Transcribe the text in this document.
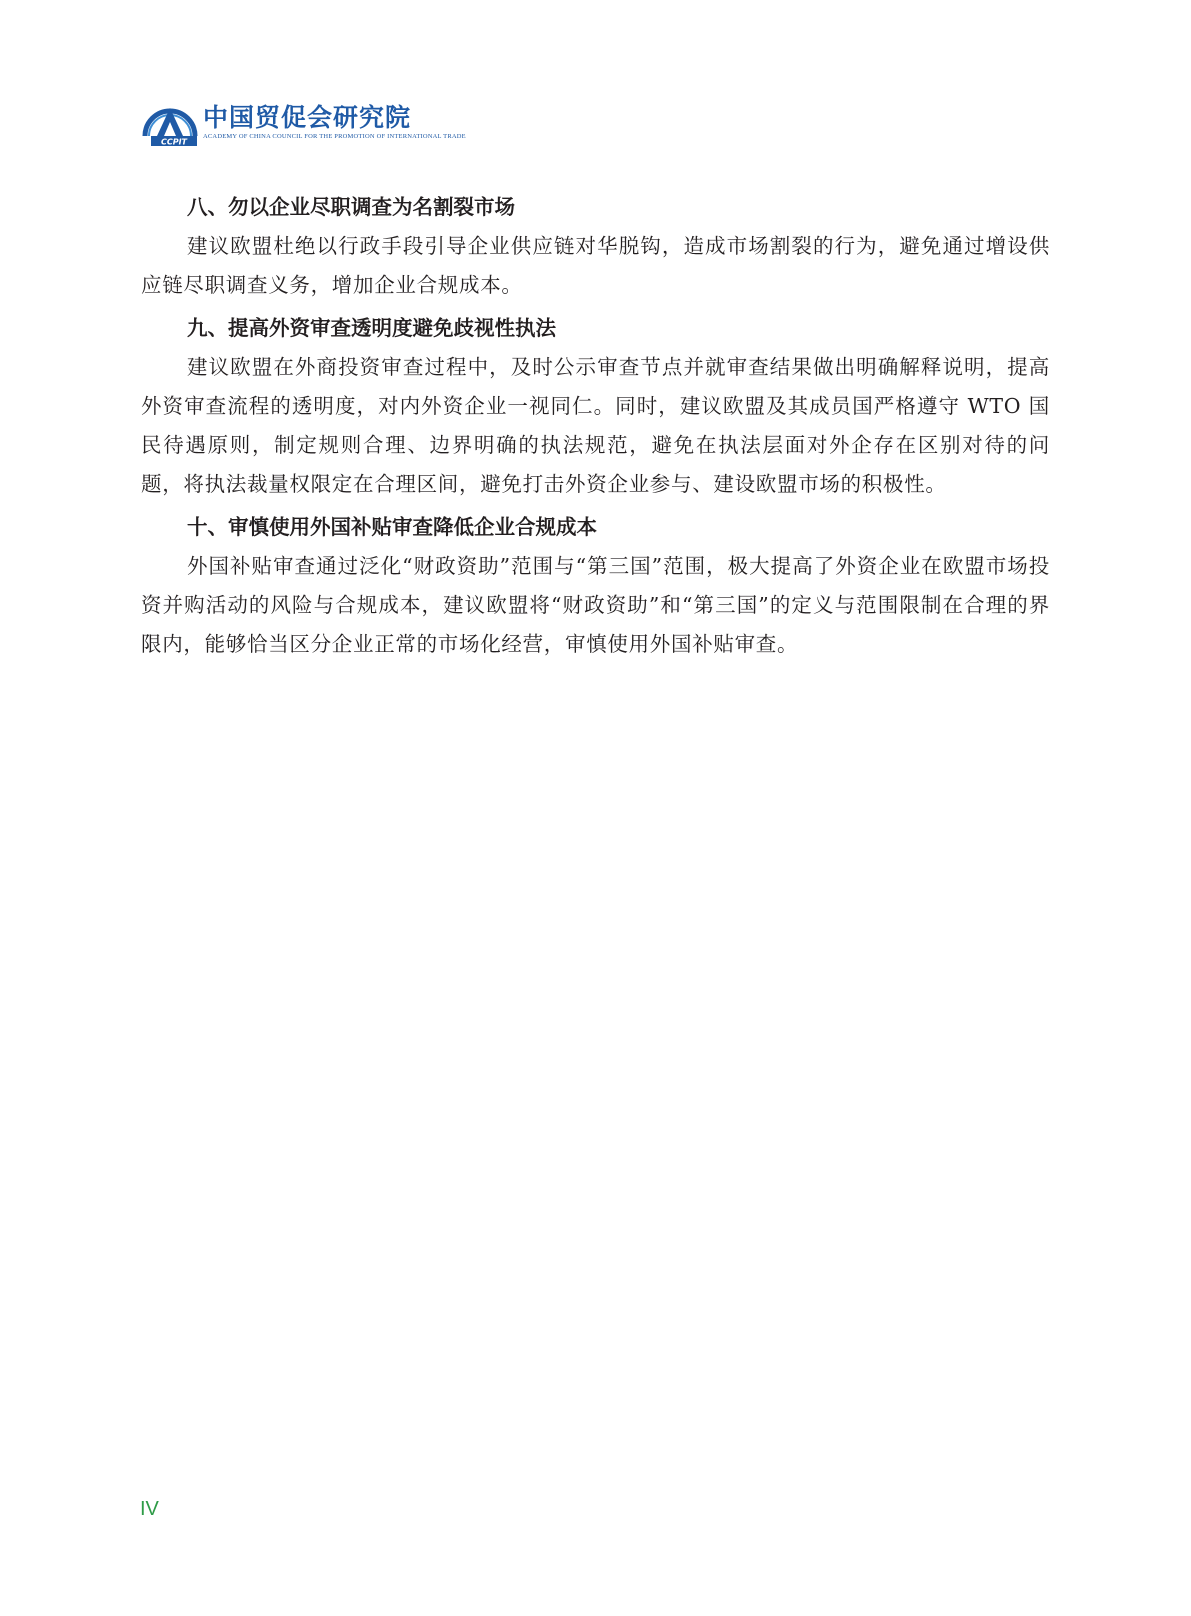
CCPIT
中国贸促会研究院
ACADEMY OF CHINA COUNCIL FOR THE PROMOTION OF INTERNATIONAL TRADE
八、勿以企业尽职调查为名割裂市场

建议欧盟杜绝以行政手段引导企业供应链对华脱钩，造成市场割裂的行为，避免通过增设供应链尽职调查义务，增加企业合规成本。

九、提高外资审查透明度避免歧视性执法

建议欧盟在外商投资审查过程中，及时公示审查节点并就审查结果做出明确解释说明，提高外资审查流程的透明度，对内外资企业一视同仁。同时，建议欧盟及其成员国严格遵守 WTO 国民待遇原则，制定规则合理、边界明确的执法规范，避免在执法层面对外企存在区别对待的问题，将执法裁量权限定在合理区间，避免打击外资企业参与、建设欧盟市场的积极性。

十、审慎使用外国补贴审查降低企业合规成本

外国补贴审查通过泛化“财政资助”范围与“第三国”范围，极大提高了外资企业在欧盟市场投资并购活动的风险与合规成本，建议欧盟将“财政资助”和“第三国”的定义与范围限制在合理的界限内，能够恰当区分企业正常的市场化经营，审慎使用外国补贴审查。

IV
